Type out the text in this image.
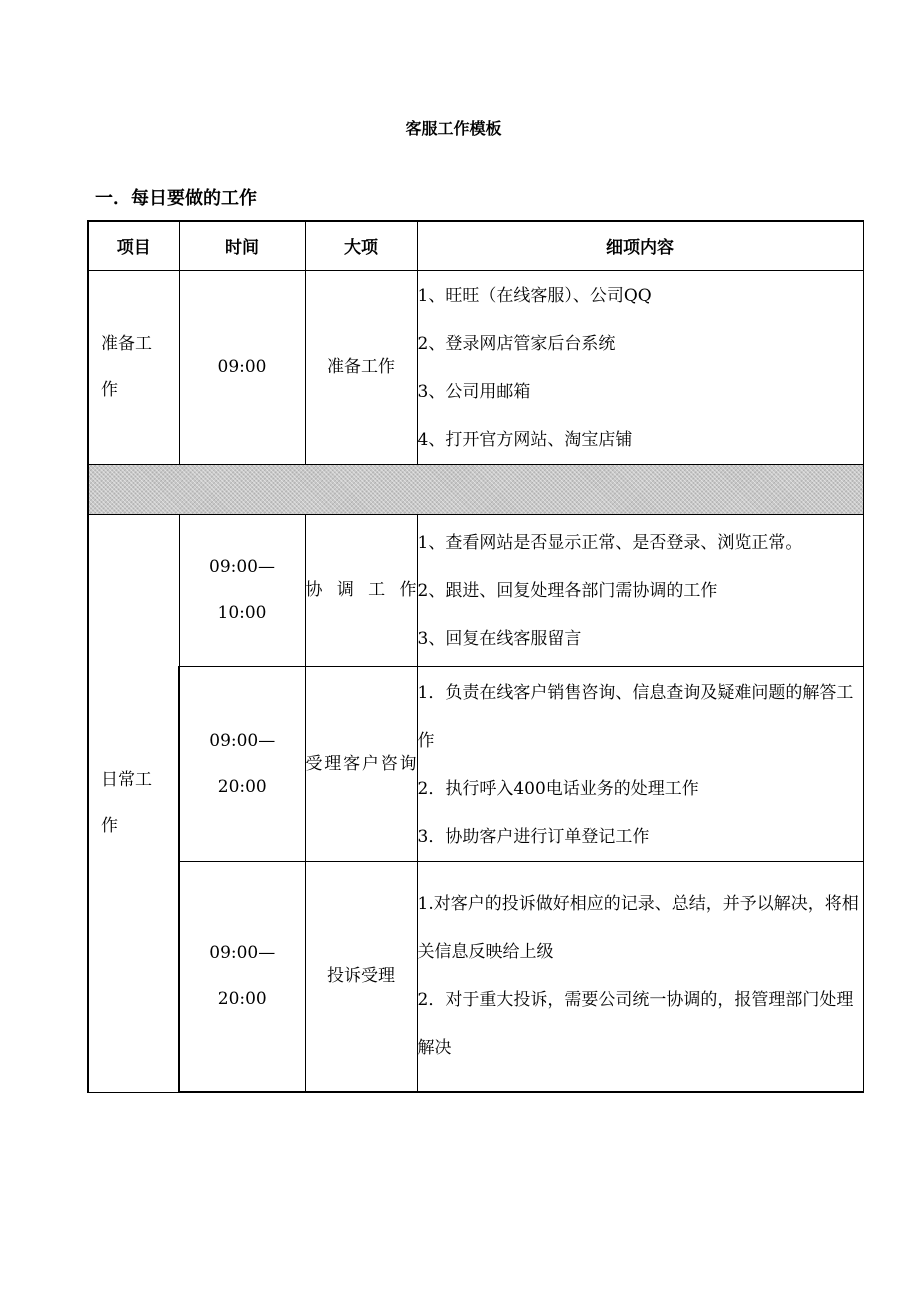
客服工作模板
一．每日要做的工作
项目	时间	大项	细项内容
准备工作	09:00	准备工作	1、旺旺（在线客服）、公司QQ
2、登录网店管家后台系统
3、公司用邮箱
4、打开官方网站、淘宝店铺

日常工作	09:00—10:00	协调工作	1、查看网站是否显示正常、是否登录、浏览正常。
2、跟进、回复处理各部门需协调的工作
3、回复在线客服留言

	09:00—20:00	受理客户咨询	1．负责在线客户销售咨询、信息查询及疑难问题的解答工作
2．执行呼入400电话业务的处理工作
3．协助客户进行订单登记工作

	09:00—20:00	投诉受理	1.对客户的投诉做好相应的记录、总结，并予以解决，将相关信息反映给上级
2．对于重大投诉，需要公司统一协调的，报管理部门处理解决
